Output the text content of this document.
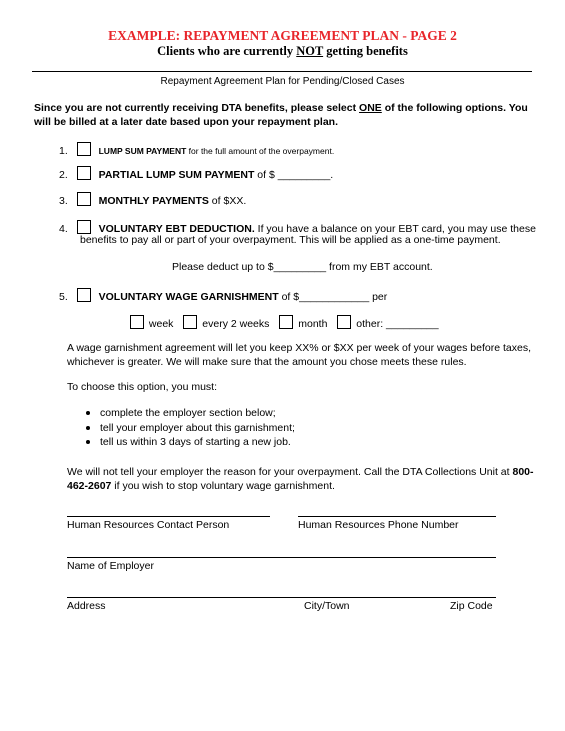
EXAMPLE: REPAYMENT AGREEMENT PLAN - PAGE 2
Clients who are currently NOT getting benefits
Repayment Agreement Plan for Pending/Closed Cases
Since you are not currently receiving DTA benefits, please select ONE of the following options. You will be billed at a later date based upon your repayment plan.
1.	LUMP SUM PAYMENT for the full amount of the overpayment.
2.	PARTIAL LUMP SUM PAYMENT of $ _________.
3.	MONTHLY PAYMENTS of $XX.
4.	VOLUNTARY EBT DEDUCTION. If you have a balance on your EBT card, you may use these
benefits to pay all or part of your overpayment. This will be applied as a one-time payment.
Please deduct up to $_________ from my EBT account.
5.	VOLUNTARY WAGE GARNISHMENT of $____________ per
week	every 2 weeks	month	other: _________
A wage garnishment agreement will let you keep XX% or $XX per week of your wages before taxes, whichever is greater. We will make sure that the amount you chose meets these rules.
To choose this option, you must:
complete the employer section below;
tell your employer about this garnishment;
tell us within 3 days of starting a new job.
We will not tell your employer the reason for your overpayment. Call the DTA Collections Unit at 800-462-2607 if you wish to stop voluntary wage garnishment.
Human Resources Contact Person	Human Resources Phone Number
Name of Employer
Address	City/Town	Zip Code
